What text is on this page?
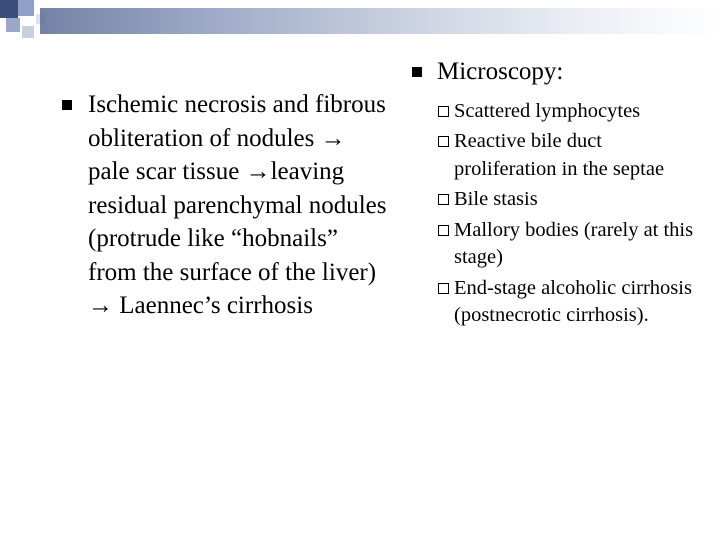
Ischemic necrosis and fibrous obliteration of nodules → pale scar tissue →leaving residual parenchymal nodules (protrude like “hobnails” from the surface of the liver) → Laennec’s cirrhosis
Microscopy:
Scattered lymphocytes
Reactive bile duct proliferation in the septae
Bile stasis
Mallory bodies (rarely at this stage)
End-stage alcoholic cirrhosis (postnecrotic cirrhosis).
